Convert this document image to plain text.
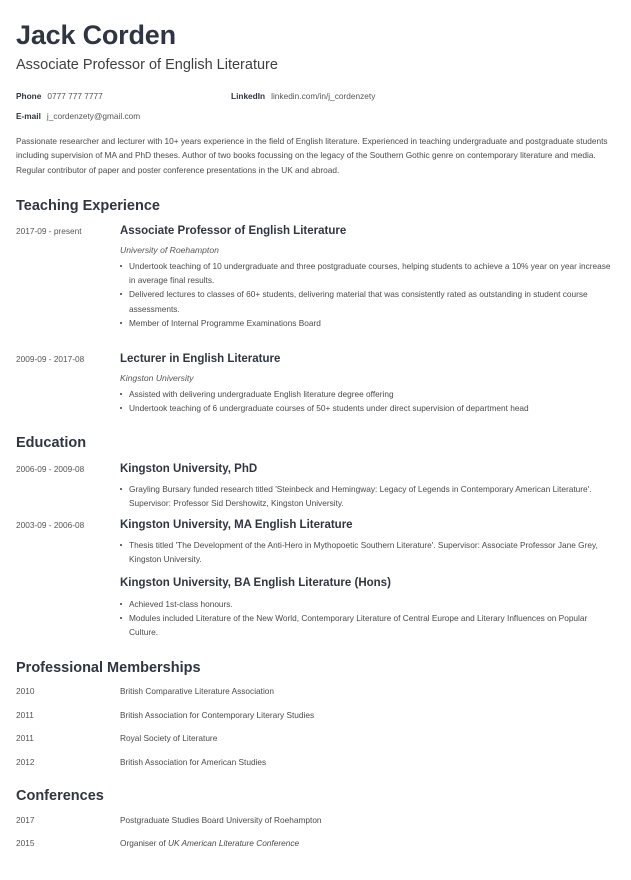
Jack Corden
Associate Professor of English Literature
Phone 0777 777 7777	LinkedIn linkedin.com/in/j_cordenzety
E-mail j_cordenzety@gmail.com

Passionate researcher and lecturer with 10+ years experience in the field of English literature. Experienced in teaching undergraduate and postgraduate students including supervision of MA and PhD theses. Author of two books focussing on the legacy of the Southern Gothic genre on contemporary literature and media. Regular contributor of paper and poster conference presentations in the UK and abroad.

Teaching Experience
2017-09 - present	Associate Professor of English Literature
University of Roehampton
Undertook teaching of 10 undergraduate and three postgraduate courses, helping students to achieve a 10% year on year increase in average final results.
Delivered lectures to classes of 60+ students, delivering material that was consistently rated as outstanding in student course assessments.
Member of Internal Programme Examinations Board
2009-09 - 2017-08	Lecturer in English Literature
Kingston University
Assisted with delivering undergraduate English literature degree offering
Undertook teaching of 6 undergraduate courses of 50+ students under direct supervision of department head
Education
2006-09 - 2009-08	Kingston University, PhD
Grayling Bursary funded research titled 'Steinbeck and Hemingway: Legacy of Legends in Contemporary American Literature'. Supervisor: Professor Sid Dershowitz, Kingston University.
2003-09 - 2006-08	Kingston University, MA English Literature
Thesis titled 'The Development of the Anti-Hero in Mythopoetic Southern Literature'. Supervisor: Associate Professor Jane Grey, Kingston University.
Kingston University, BA English Literature (Hons)
Achieved 1st-class honours.
Modules included Literature of the New World, Contemporary Literature of Central Europe and Literary Influences on Popular Culture.
Professional Memberships
2010	British Comparative Literature Association
2011	British Association for Contemporary Literary Studies
2011	Royal Society of Literature
2012	British Association for American Studies
Conferences
2017	Postgraduate Studies Board University of Roehampton
2015	Organiser of UK American Literature Conference
